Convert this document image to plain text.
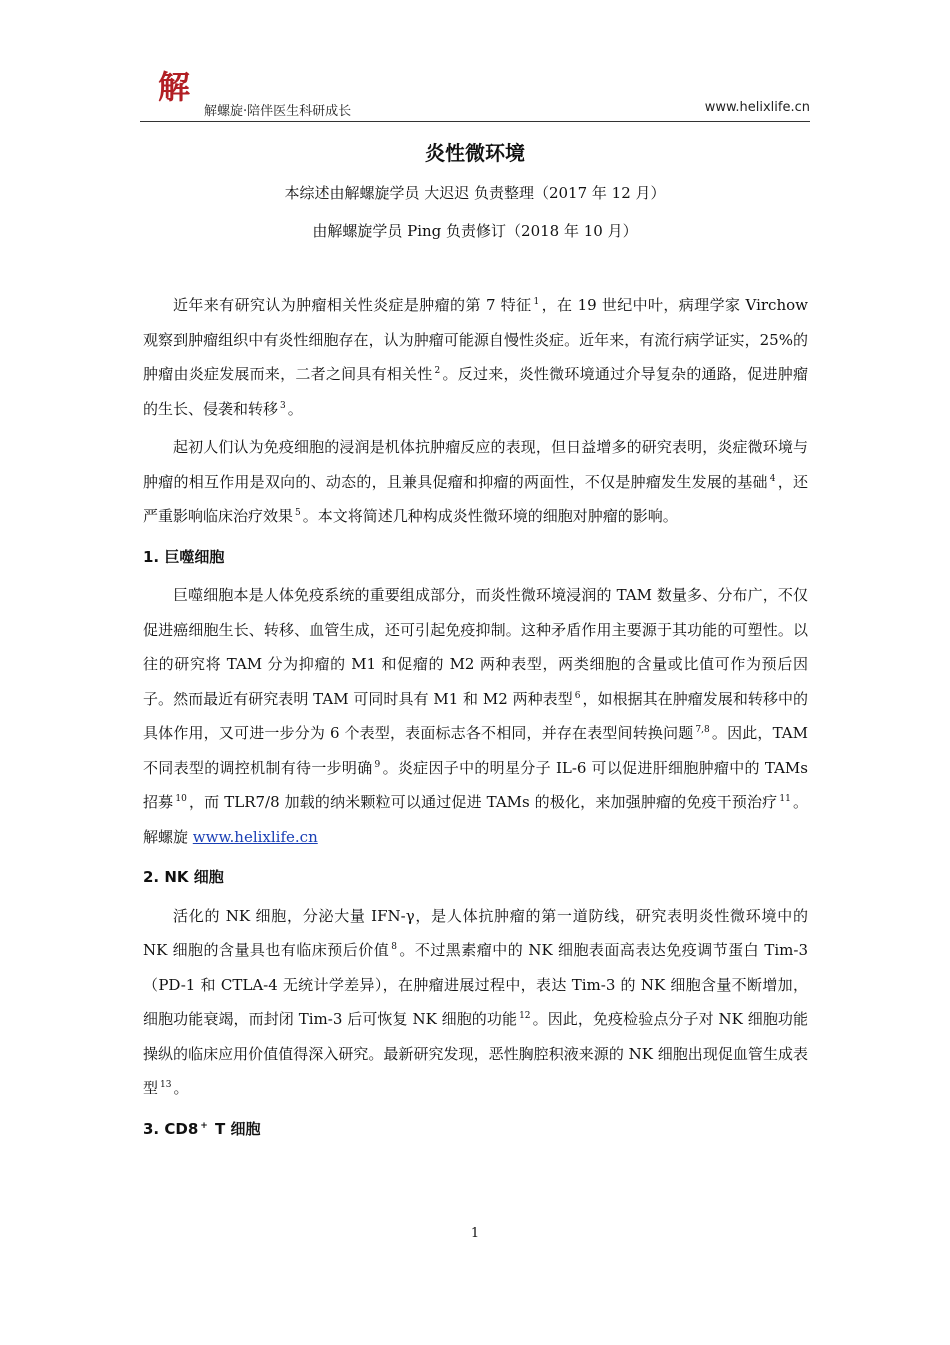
解
解螺旋·陪伴医生科研成长	www.helixlife.cn
炎性微环境
本综述由解螺旋学员 大迟迟 负责整理（2017 年 12 月）
由解螺旋学员 Ping 负责修订（2018 年 10 月）

近年来有研究认为肿瘤相关性炎症是肿瘤的第 7 特征 $^1$ ，在 19 世纪中叶，病理学家 Virchow 观察到肿瘤组织中有炎性细胞存在，认为肿瘤可能源自慢性炎症。近年来，有流行病学证实，25%的肿瘤由炎症发展而来，二者之间具有相关性 $^2$ 。反过来，炎性微环境通过介导复杂的通路，促进肿瘤的生长、侵袭和转移 $^3$ 。

起初人们认为免疫细胞的浸润是机体抗肿瘤反应的表现，但日益增多的研究表明，炎症微环境与肿瘤的相互作用是双向的、动态的，且兼具促瘤和抑瘤的两面性，不仅是肿瘤发生发展的基础 $^4$ ，还严重影响临床治疗效果 $^5$ 。本文将简述几种构成炎性微环境的细胞对肿瘤的影响。

1. 巨噬细胞

巨噬细胞本是人体免疫系统的重要组成部分，而炎性微环境浸润的 TAM 数量多、分布广，不仅促进癌细胞生长、转移、血管生成，还可引起免疫抑制。这种矛盾作用主要源于其功能的可塑性。以往的研究将 TAM 分为抑瘤的 M1 和促瘤的 M2 两种表型，两类细胞的含量或比值可作为预后因子。然而最近有研究表明 TAM 可同时具有 M1 和 M2 两种表型 $^6$ ，如根据其在肿瘤发展和转移中的具体作用，又可进一步分为 6 个表型，表面标志各不相同，并存在表型间转换问题 $^{7,8}$ 。因此，TAM 不同表型的调控机制有待一步明确 $^9$ 。炎症因子中的明星分子 IL-6 可以促进肝细胞肿瘤中的 TAMs 招募 $^{10}$ ，而 TLR7/8 加载的纳米颗粒可以通过促进 TAMs 的极化，来加强肿瘤的免疫干预治疗 $^{11}$ 。解螺旋 www.helixlife.cn

2. NK 细胞

活化的 NK 细胞，分泌大量 IFN-γ，是人体抗肿瘤的第一道防线，研究表明炎性微环境中的 NK 细胞的含量具也有临床预后价值 $^8$ 。不过黑素瘤中的 NK 细胞表面高表达免疫调节蛋白 Tim-3（PD-1 和 CTLA-4 无统计学差异），在肿瘤进展过程中，表达 Tim-3 的 NK 细胞含量不断增加，细胞功能衰竭，而封闭 Tim-3 后可恢复 NK 细胞的功能 $^{12}$ 。因此，免疫检验点分子对 NK 细胞功能操纵的临床应用价值值得深入研究。最新研究发现，恶性胸腔积液来源的 NK 细胞出现促血管生成表型 $^{13}$ 。

3. CD8 + T 细胞
1
